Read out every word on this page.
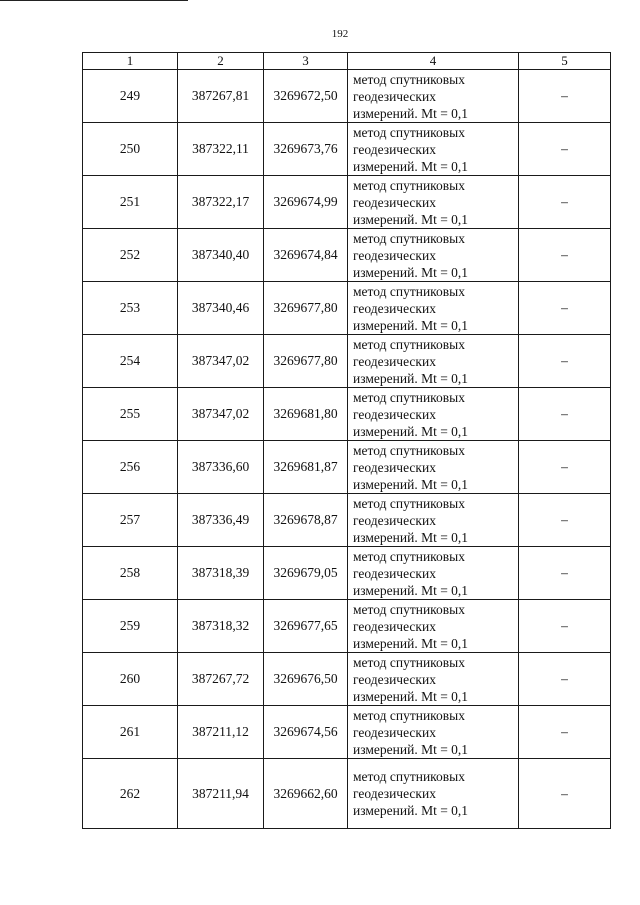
192
1	2	3	4	5
249	387267,81	3269672,50	метод спутниковых
геодезических
измерений. Mt = 0,1	–
250	387322,11	3269673,76	метод спутниковых
геодезических
измерений. Mt = 0,1	–
251	387322,17	3269674,99	метод спутниковых
геодезических
измерений. Mt = 0,1	–
252	387340,40	3269674,84	метод спутниковых
геодезических
измерений. Mt = 0,1	–
253	387340,46	3269677,80	метод спутниковых
геодезических
измерений. Mt = 0,1	–
254	387347,02	3269677,80	метод спутниковых
геодезических
измерений. Mt = 0,1	–
255	387347,02	3269681,80	метод спутниковых
геодезических
измерений. Mt = 0,1	–
256	387336,60	3269681,87	метод спутниковых
геодезических
измерений. Mt = 0,1	–
257	387336,49	3269678,87	метод спутниковых
геодезических
измерений. Mt = 0,1	–
258	387318,39	3269679,05	метод спутниковых
геодезических
измерений. Mt = 0,1	–
259	387318,32	3269677,65	метод спутниковых
геодезических
измерений. Mt = 0,1	–
260	387267,72	3269676,50	метод спутниковых
геодезических
измерений. Mt = 0,1	–
261	387211,12	3269674,56	метод спутниковых
геодезических
измерений. Mt = 0,1	–
262	387211,94	3269662,60	метод спутниковых
геодезических
измерений. Mt = 0,1	–
